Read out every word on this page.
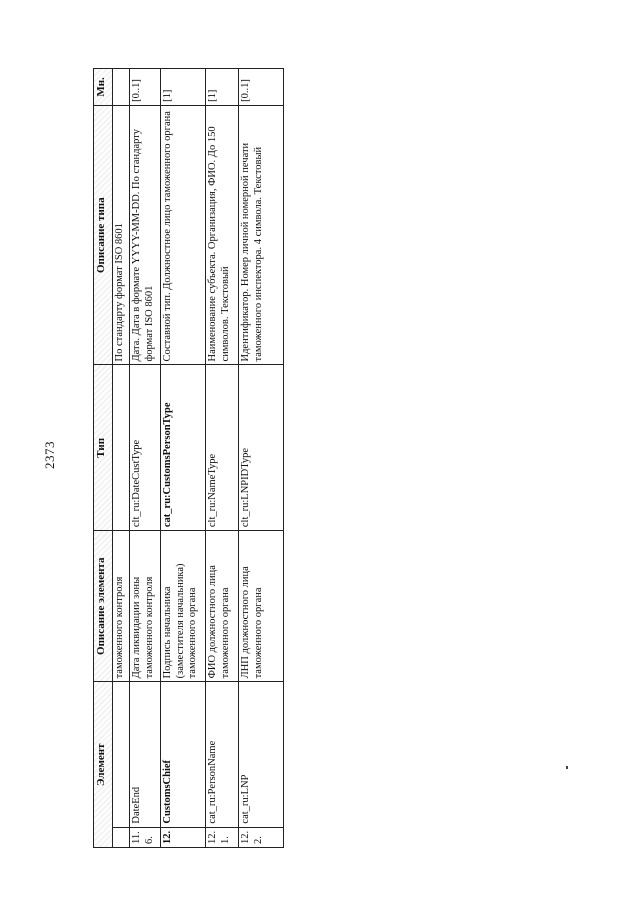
2373
Элемент		Описание элемента	Тип	Описание типа	Мн.
		таможенного контроля		По стандарту формат ISO 8601	
11.6.	DateEnd	Дата ликвидации зоны таможенного контроля	clt_ru:DateCustType	Дата. Дата в формате YYYY-MM-DD. По стандарту формат ISO 8601	[0..1]
12.	CustomsChief	Подпись начальника (заместителя начальника) таможенного органа	cat_ru:CustomsPersonType	Составной тип. Должностное лицо таможенного органа	[1]
12.1.	cat_ru:PersonName	ФИО должностного лица таможенного органа	clt_ru:NameType	Наименование субъекта. Организация, ФИО. До 150 символов. Текстовый	[1]
12.2.	cat_ru:LNP	ЛНП должностного лица таможенного органа	clt_ru:LNPIDType	Идентификатор. Номер личной номерной печати таможенного инспектора. 4 символа. Текстовый	[0..1]
